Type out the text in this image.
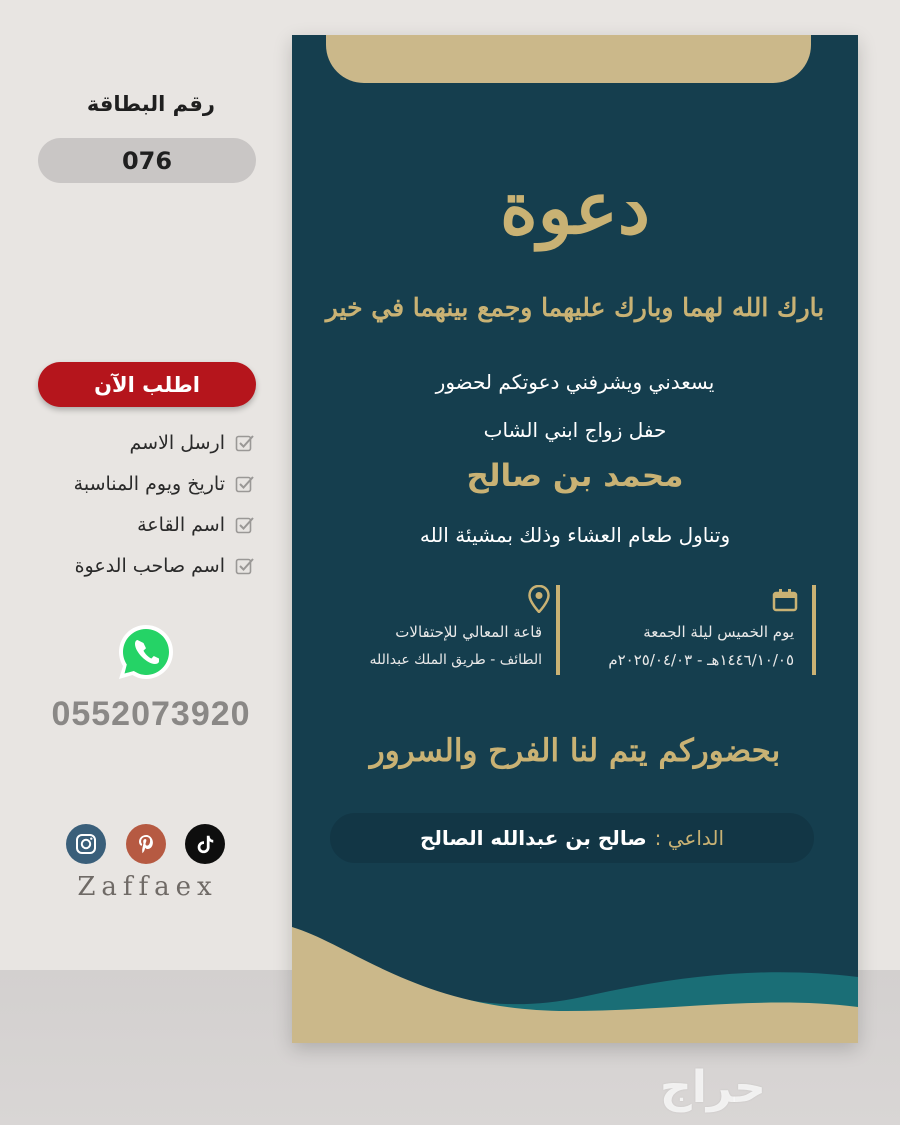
رقم البطاقة
076
اطلب الآن
ارسل الاسم
تاريخ ويوم المناسبة
اسم القاعة
اسم صاحب الدعوة
0552073920
Zaffaex
دعوة
بارك الله لهما وبارك عليهما وجمع بينهما في خير
يسعدني ويشرفني دعوتكم لحضور
حفل زواج ابني الشاب
محمد بن صالح
وتناول طعام العشاء وذلك بمشيئة الله
يوم الخميس ليلة الجمعة
١٤٤٦/١٠/٠٥هـ - ٢٠٢٥/٠٤/٠٣م
قاعة المعالي للإحتفالات
الطائف - طريق الملك عبدالله
بحضوركم يتم لنا الفرح والسرور
الداعي :
صالح بن عبدالله الصالح
حراج
